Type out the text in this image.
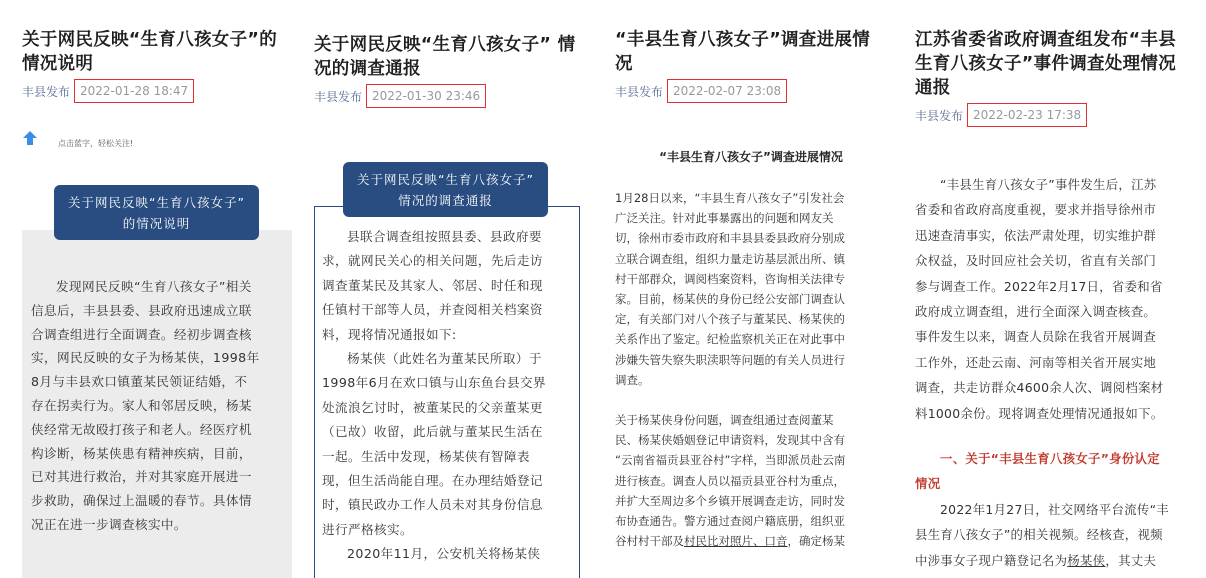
关于网民反映“生育八孩女子”的
情况说明
丰县发布 2022-01-28 18:47
点击蓝字，轻松关注!
关于网民反映“生育八孩女子”
的情况说明
发现网民反映“生育八孩女子”相关
信息后，丰县县委、县政府迅速成立联
合调查组进行全面调查。经初步调查核
实，网民反映的女子为杨某侠，1998年
8月与丰县欢口镇董某民领证结婚，不
存在拐卖行为。家人和邻居反映，杨某
侠经常无故殴打孩子和老人。经医疗机
构诊断，杨某侠患有精神疾病，目前，
已对其进行救治，并对其家庭开展进一
步救助，确保过上温暖的春节。具体情
况正在进一步调查核实中。
关于网民反映“生育八孩女子” 情
况的调查通报
丰县发布 2022-01-30 23:46
关于网民反映“生育八孩女子”
情况的调查通报
县联合调查组按照县委、县政府要
求，就网民关心的相关问题，先后走访
调查董某民及其家人、邻居、时任和现
任镇村干部等人员，并查阅相关档案资
料，现将情况通报如下:
杨某侠（此姓名为董某民所取）于
1998年6月在欢口镇与山东鱼台县交界
处流浪乞讨时，被董某民的父亲董某更
（已故）收留，此后就与董某民生活在
一起。生活中发现，杨某侠有智障表
现，但生活尚能自理。在办理结婚登记
时，镇民政办工作人员未对其身份信息
进行严格核实。
2020年11月，公安机关将杨某侠
“丰县生育八孩女子”调查进展情
况
丰县发布 2022-02-07 23:08
“丰县生育八孩女子”调查进展情况
1月28日以来，“丰县生育八孩女子”引发社会
广泛关注。针对此事暴露出的问题和网友关
切，徐州市委市政府和丰县县委县政府分别成
立联合调查组，组织力量走访基层派出所、镇
村干部群众，调阅档案资料，咨询相关法律专
家。目前，杨某侠的身份已经公安部门调查认
定，有关部门对八个孩子与董某民、杨某侠的
关系作出了鉴定。纪检监察机关正在对此事中
涉嫌失管失察失职渎职等问题的有关人员进行
调查。
关于杨某侠身份问题，调查组通过查阅董某
民、杨某侠婚姻登记申请资料，发现其中含有
“云南省福贡县亚谷村”字样，当即派员赴云南
进行核查。调查人员以福贡县亚谷村为重点，
并扩大至周边多个乡镇开展调查走访，同时发
布协查通告。警方通过查阅户籍底册，组织亚
谷村村干部及村民比对照片、口音，确定杨某
江苏省委省政府调查组发布“丰县
生育八孩女子”事件调查处理情况
通报
丰县发布 2022-02-23 17:38
“丰县生育八孩女子”事件发生后，江苏
省委和省政府高度重视，要求并指导徐州市
迅速查清事实，依法严肃处理，切实维护群
众权益，及时回应社会关切，省直有关部门
参与调查工作。2022年2月17日，省委和省
政府成立调查组，进行全面深入调查核查。
事件发生以来，调查人员除在我省开展调查
工作外，还赴云南、河南等相关省开展实地
调查，共走访群众4600余人次、调阅档案材
料1000余份。现将调查处理情况通报如下。
一、关于“丰县生育八孩女子”身份认定
情况
2022年1月27日，社交网络平台流传“丰
县生育八孩女子”的相关视频。经核查，视频
中涉事女子现户籍登记名为杨某侠，其丈夫
